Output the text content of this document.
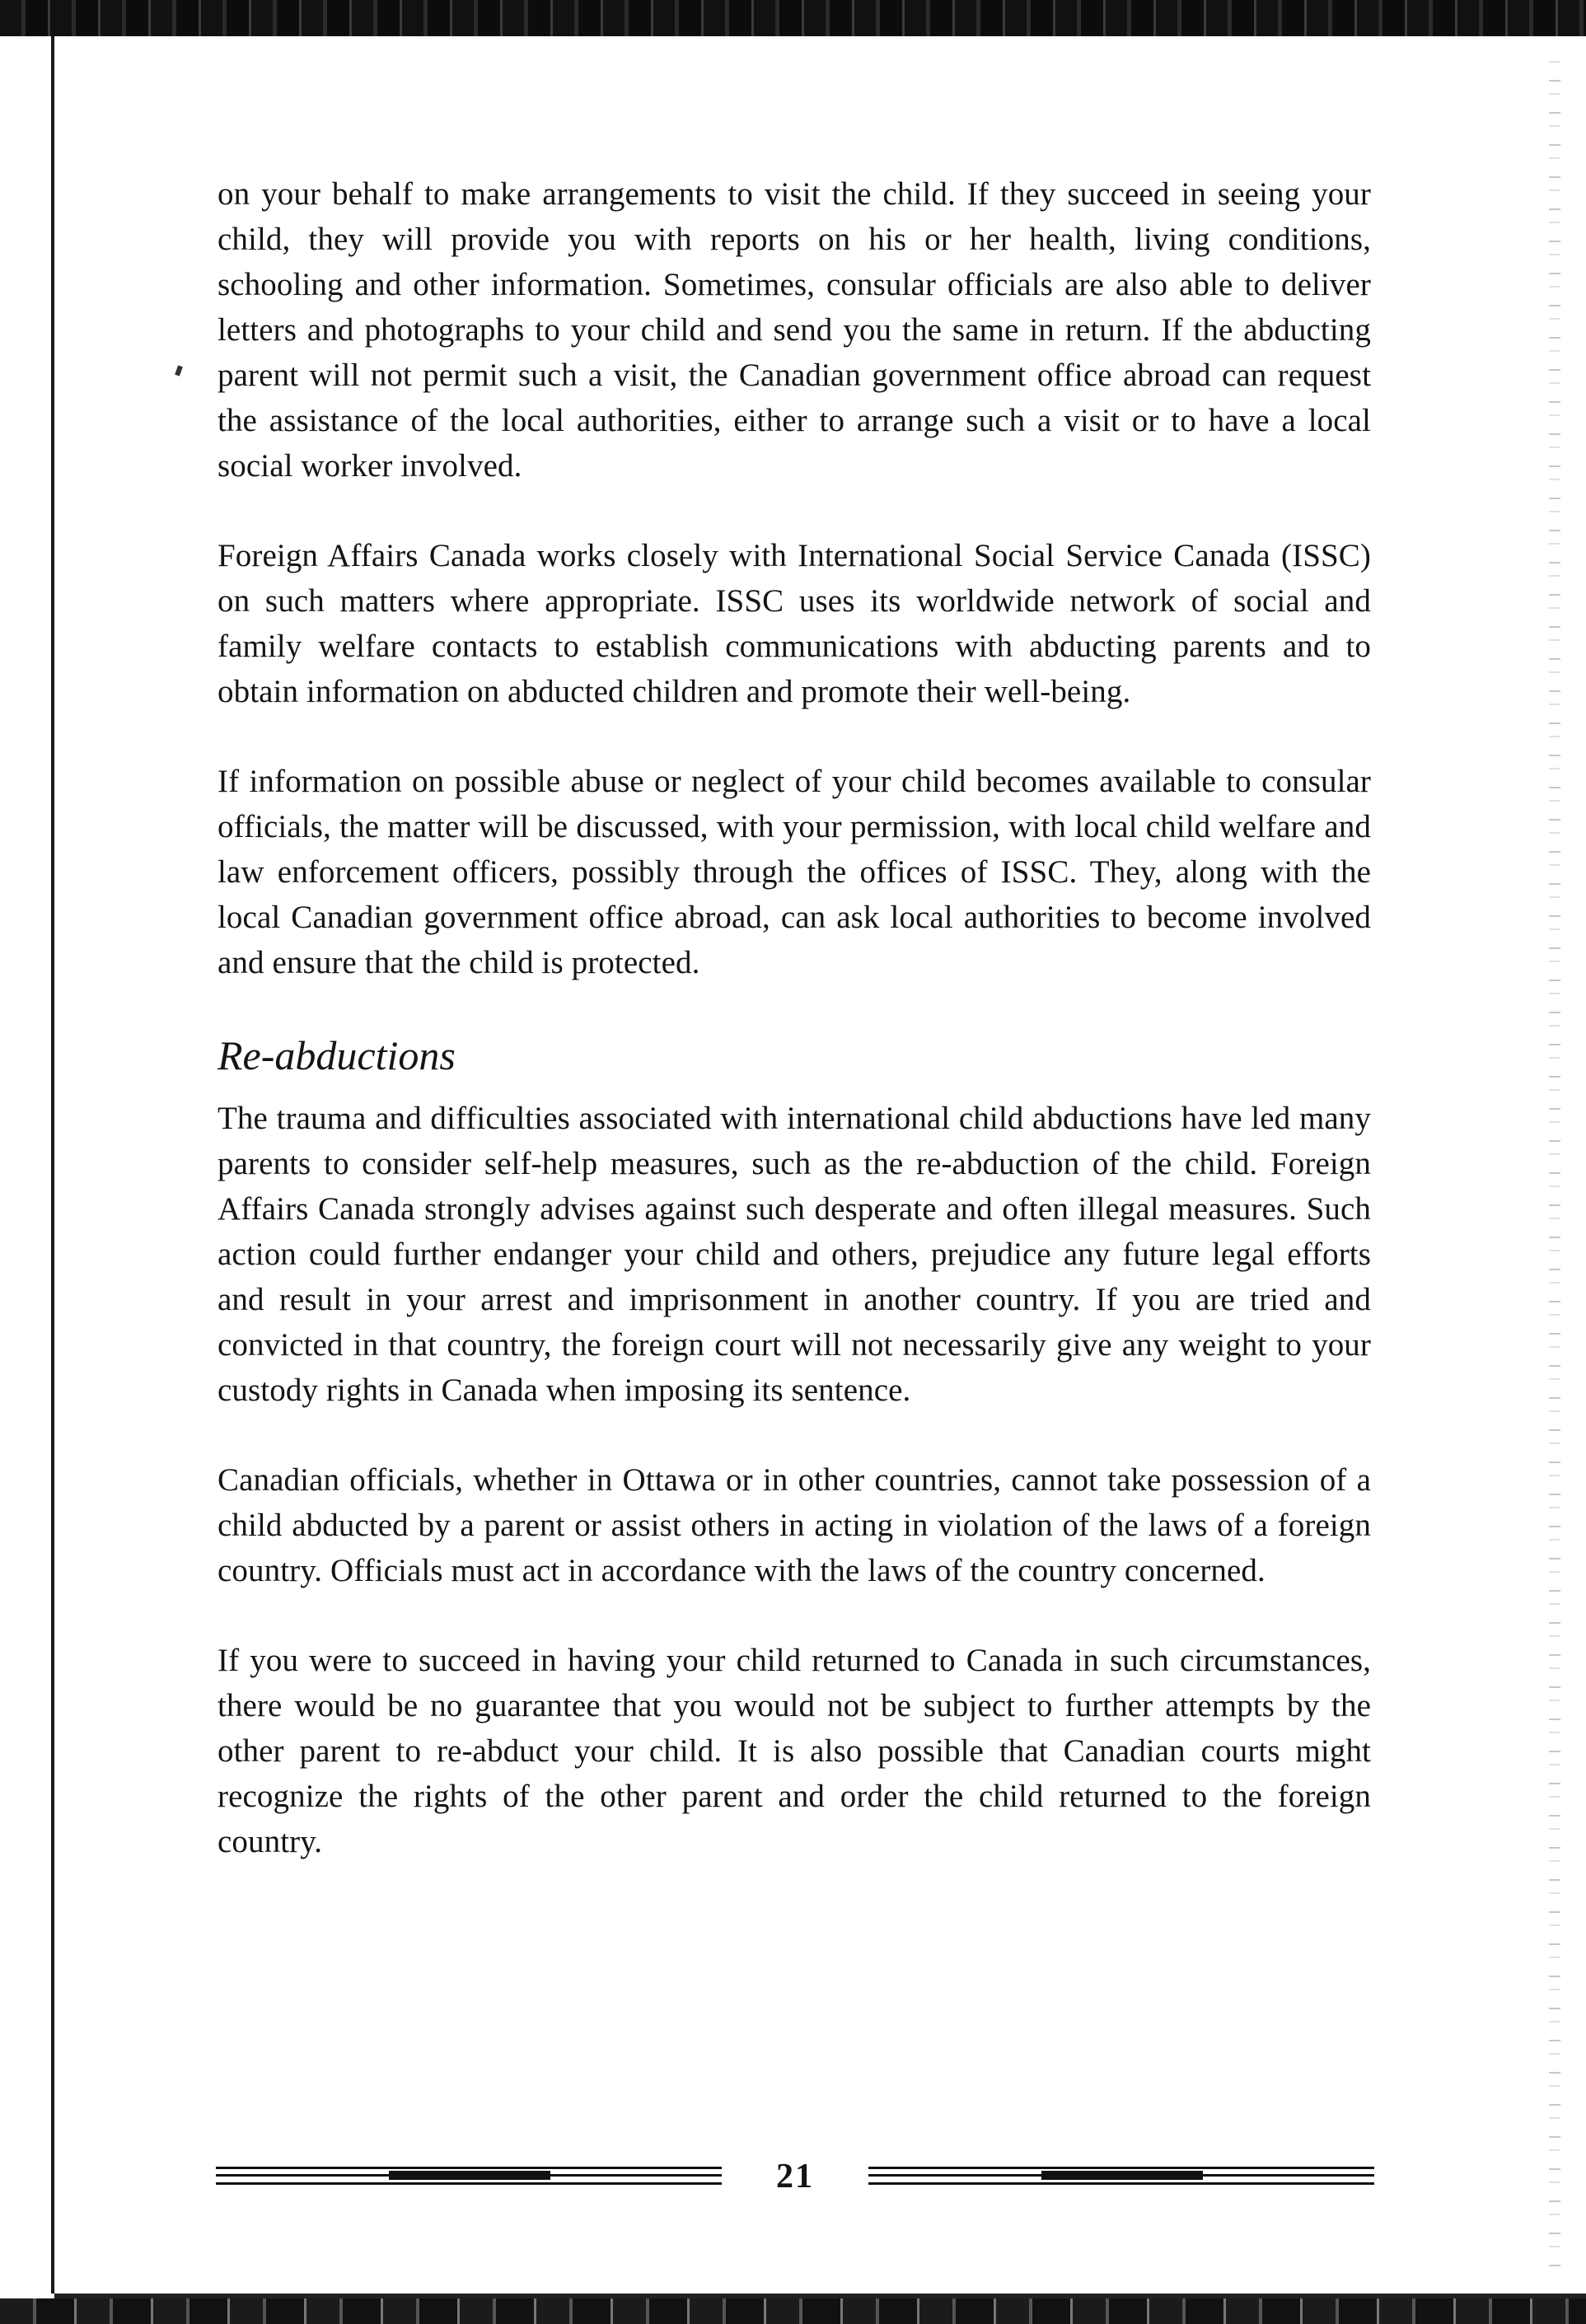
on your behalf to make arrangements to visit the child. If they succeed in seeing your child, they will provide you with reports on his or her health, living conditions, schooling and other information. Sometimes, consular officials are also able to deliver letters and photographs to your child and send you the same in return. If the abducting parent will not permit such a visit, the Canadian government office abroad can request the assistance of the local authorities, either to arrange such a visit or to have a local social worker involved.

Foreign Affairs Canada works closely with International Social Service Canada (ISSC) on such matters where appropriate. ISSC uses its worldwide network of social and family welfare contacts to establish communications with abducting parents and to obtain information on abducted children and promote their well-being.

If information on possible abuse or neglect of your child becomes available to consular officials, the matter will be discussed, with your permission, with local child welfare and law enforcement officers, possibly through the offices of ISSC. They, along with the local Canadian government office abroad, can ask local authorities to become involved and ensure that the child is protected.

Re-abductions

The trauma and difficulties associated with international child abductions have led many parents to consider self-help measures, such as the re-abduction of the child. Foreign Affairs Canada strongly advises against such desperate and often illegal measures. Such action could further endanger your child and others, prejudice any future legal efforts and result in your arrest and imprisonment in another country. If you are tried and convicted in that country, the foreign court will not necessarily give any weight to your custody rights in Canada when imposing its sentence.

Canadian officials, whether in Ottawa or in other countries, cannot take possession of a child abducted by a parent or assist others in acting in violation of the laws of a foreign country. Officials must act in accordance with the laws of the country concerned.

If you were to succeed in having your child returned to Canada in such circumstances, there would be no guarantee that you would not be subject to further attempts by the other parent to re-abduct your child. It is also possible that Canadian courts might recognize the rights of the other parent and order the child returned to the foreign country.

21
